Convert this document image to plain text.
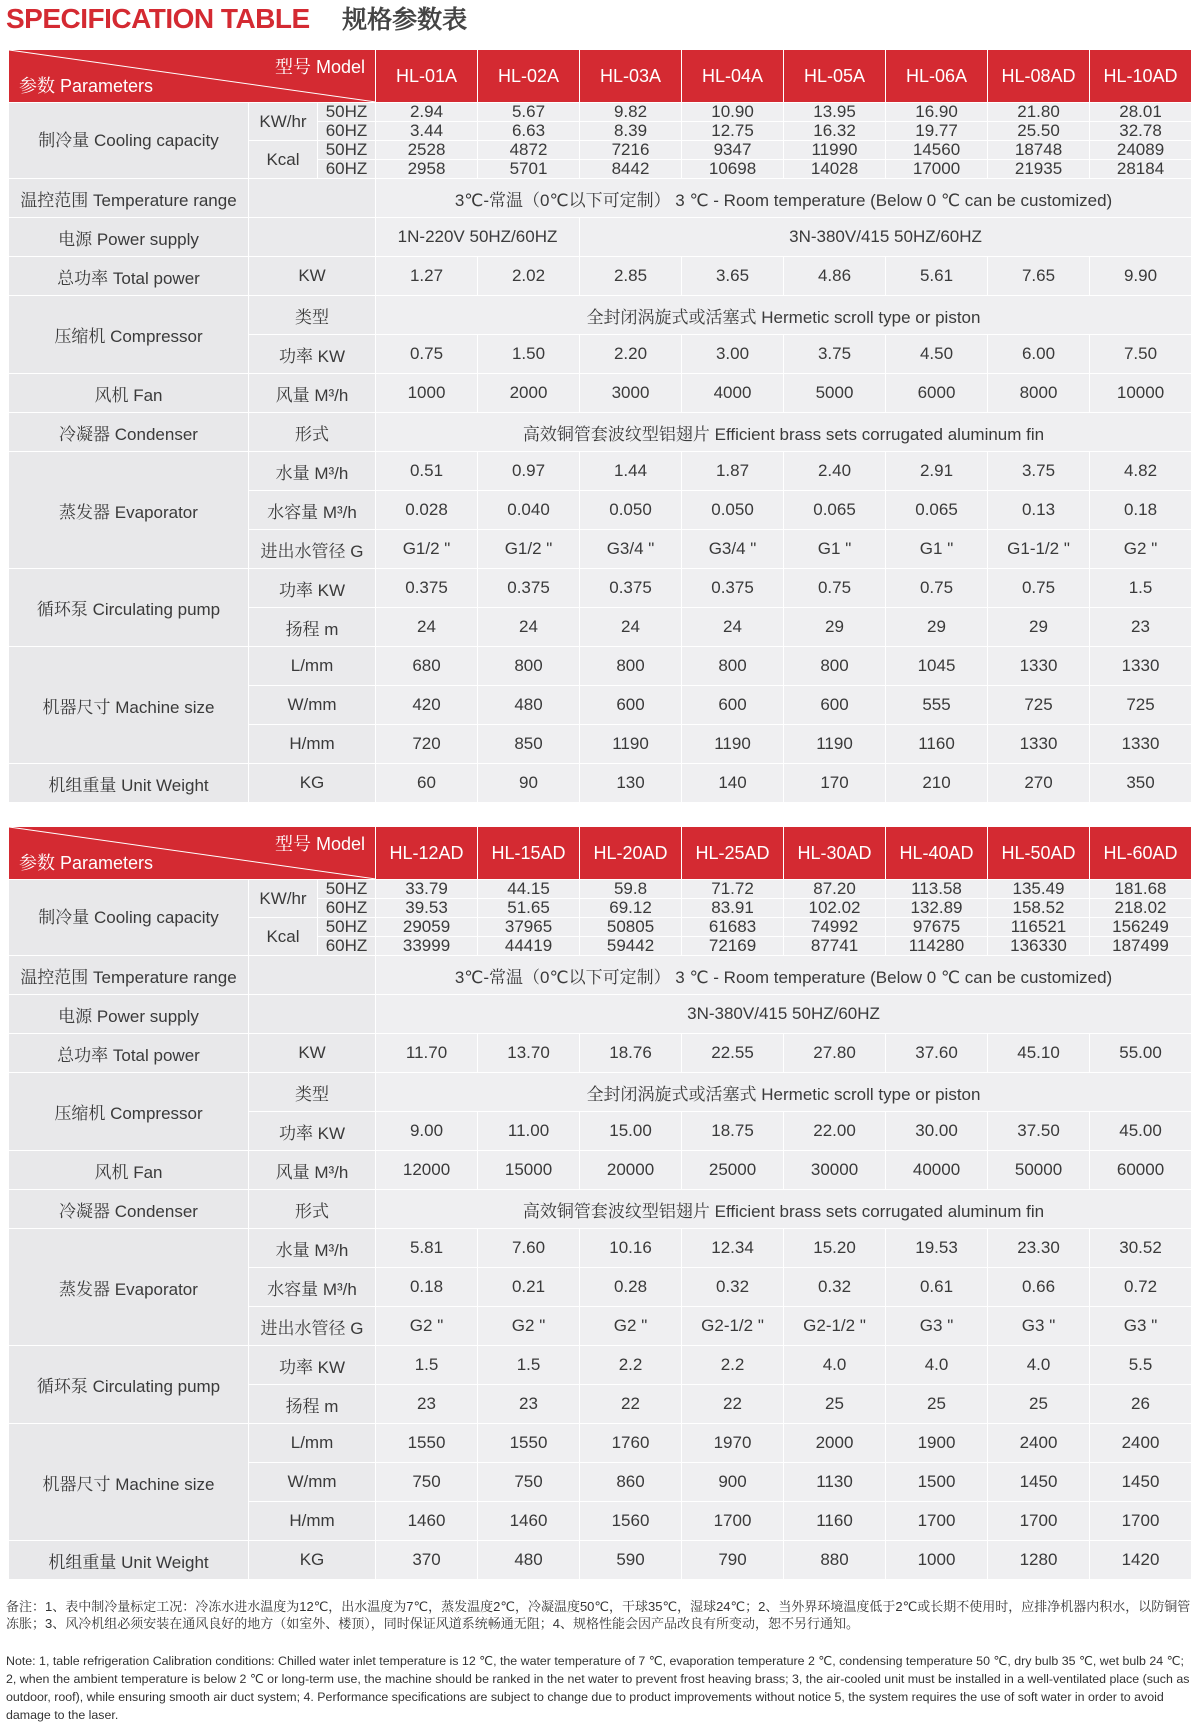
SPECIFICATION TABLE 规格参数表
型号 Model
参数 Parameters			HL-01A	HL-02A	HL-03A	HL-04A	HL-05A	HL-06A	HL-08AD	HL-10AD
制冷量 Cooling capacity	KW/hr	50HZ	2.94	5.67	9.82	10.90	13.95	16.90	21.80	28.01
		60HZ	3.44	6.63	8.39	12.75	16.32	19.77	25.50	32.78
	Kcal	50HZ	2528	4872	7216	9347	11990	14560	18748	24089
		60HZ	2958	5701	8442	10698	14028	17000	21935	28184
温控范围 Temperature range			3℃-常温（0℃以下可定制） 3 ℃ - Room temperature (Below 0 ℃ can be customized)							
电源 Power supply			1N-220V 50HZ/60HZ		3N-380V/415 50HZ/60HZ					
总功率 Total power	KW		1.27	2.02	2.85	3.65	4.86	5.61	7.65	9.90
压缩机 Compressor	类型		全封闭涡旋式或活塞式 Hermetic scroll type or piston							
	功率 KW		0.75	1.50	2.20	3.00	3.75	4.50	6.00	7.50
风机 Fan	风量 M³/h		1000	2000	3000	4000	5000	6000	8000	10000
冷凝器 Condenser	形式		高效铜管套波纹型铝翅片 Efficient brass sets corrugated aluminum fin							
蒸发器 Evaporator	水量 M³/h		0.51	0.97	1.44	1.87	2.40	2.91	3.75	4.82
	水容量 M³/h		0.028	0.040	0.050	0.050	0.065	0.065	0.13	0.18
	进出水管径 G		G1/2 "	G1/2 "	G3/4 "	G3/4 "	G1 "	G1 "	G1-1/2 "	G2 "
循环泵 Circulating pump	功率 KW		0.375	0.375	0.375	0.375	0.75	0.75	0.75	1.5
	扬程 m		24	24	24	24	29	29	29	23
机器尺寸 Machine size	L/mm		680	800	800	800	800	1045	1330	1330
	W/mm		420	480	600	600	600	555	725	725
	H/mm		720	850	1190	1190	1190	1160	1330	1330
机组重量 Unit Weight	KG		60	90	130	140	170	210	270	350
型号 Model
参数 Parameters			HL-12AD	HL-15AD	HL-20AD	HL-25AD	HL-30AD	HL-40AD	HL-50AD	HL-60AD
制冷量 Cooling capacity	KW/hr	50HZ	33.79	44.15	59.8	71.72	87.20	113.58	135.49	181.68
		60HZ	39.53	51.65	69.12	83.91	102.02	132.89	158.52	218.02
	Kcal	50HZ	29059	37965	50805	61683	74992	97675	116521	156249
		60HZ	33999	44419	59442	72169	87741	114280	136330	187499
温控范围 Temperature range			3℃-常温（0℃以下可定制） 3 ℃ - Room temperature (Below 0 ℃ can be customized)							
电源 Power supply			3N-380V/415 50HZ/60HZ							
总功率 Total power	KW		11.70	13.70	18.76	22.55	27.80	37.60	45.10	55.00
压缩机 Compressor	类型		全封闭涡旋式或活塞式 Hermetic scroll type or piston							
	功率 KW		9.00	11.00	15.00	18.75	22.00	30.00	37.50	45.00
风机 Fan	风量 M³/h		12000	15000	20000	25000	30000	40000	50000	60000
冷凝器 Condenser	形式		高效铜管套波纹型铝翅片 Efficient brass sets corrugated aluminum fin							
蒸发器 Evaporator	水量 M³/h		5.81	7.60	10.16	12.34	15.20	19.53	23.30	30.52
	水容量 M³/h		0.18	0.21	0.28	0.32	0.32	0.61	0.66	0.72
	进出水管径 G		G2 "	G2 "	G2 "	G2-1/2 "	G2-1/2 "	G3 "	G3 "	G3 "
循环泵 Circulating pump	功率 KW		1.5	1.5	2.2	2.2	4.0	4.0	4.0	5.5
	扬程 m		23	23	22	22	25	25	25	26
机器尺寸 Machine size	L/mm		1550	1550	1760	1970	2000	1900	2400	2400
	W/mm		750	750	860	900	1130	1500	1450	1450
	H/mm		1460	1460	1560	1700	1160	1700	1700	1700
机组重量 Unit Weight	KG		370	480	590	790	880	1000	1280	1420
备注：1、表中制冷量标定工况：冷冻水进水温度为12℃，出水温度为7℃，蒸发温度2℃，冷凝温度50℃，干球35℃，湿球24℃；2、当外界环境温度低于2℃或长期不使用时，应排净机器内积水，以防铜管冻胀；3、风冷机组必须安装在通风良好的地方（如室外、楼顶），同时保证风道系统畅通无阻；4、规格性能会因产品改良有所变动，恕不另行通知。
Note: 1, table refrigeration Calibration conditions: Chilled water inlet temperature is 12 ℃, the water temperature of 7 ℃, evaporation temperature 2 ℃, condensing temperature 50 ℃, dry bulb 35 ℃, wet bulb 24 ℃; 2, when the ambient temperature is below 2 ℃ or long-term use, the machine should be ranked in the net water to prevent frost heaving brass; 3, the air-cooled unit must be installed in a well-ventilated place (such as outdoor, roof), while ensuring smooth air duct system; 4. Performance specifications are subject to change due to product improvements without notice 5, the system requires the use of soft water in order to avoid damage to the laser.
